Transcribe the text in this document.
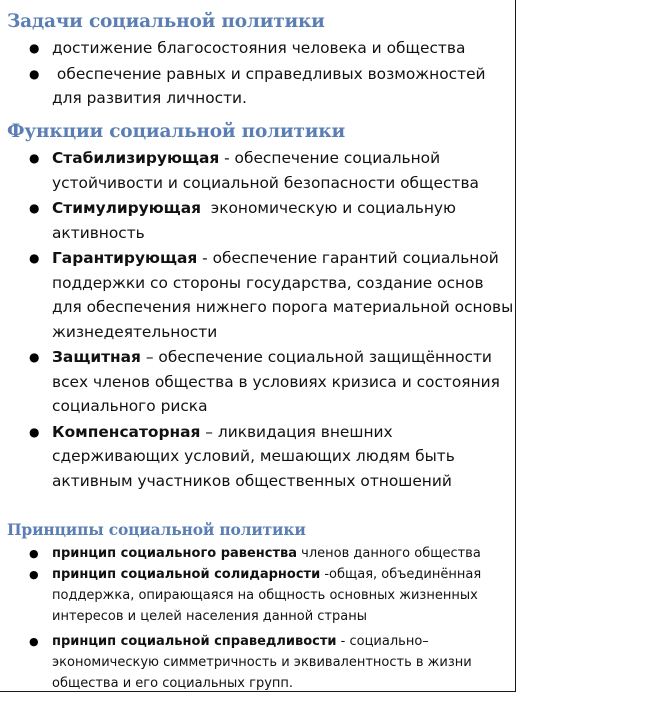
Задачи социальной политики
● достижение благосостояния человека и общества
● обеспечение равных и справедливых возможностей для развития личности.
Функции социальной политики
● Стабилизирующая - обеспечение социальной устойчивости и социальной безопасности общества
● Стимулирующая  экономическую и социальную активность
● Гарантирующая - обеспечение гарантий социальной поддержки со стороны государства, создание основ для обеспечения нижнего порога материальной основы жизнедеятельности
● Защитная – обеспечение социальной защищённости всех членов общества в условиях кризиса и состояния социального риска
● Компенсаторная – ликвидация внешних сдерживающих условий, мешающих людям быть активным участников общественных отношений
Принципы социальной политики
● принцип социального равенства членов данного общества
● принцип социальной солидарности -общая, объединённая поддержка, опирающаяся на общность основных жизненных интересов и целей населения данной страны
● принцип социальной справедливости - социально–экономическую симметричность и эквивалентность в жизни общества и его социальных групп.
